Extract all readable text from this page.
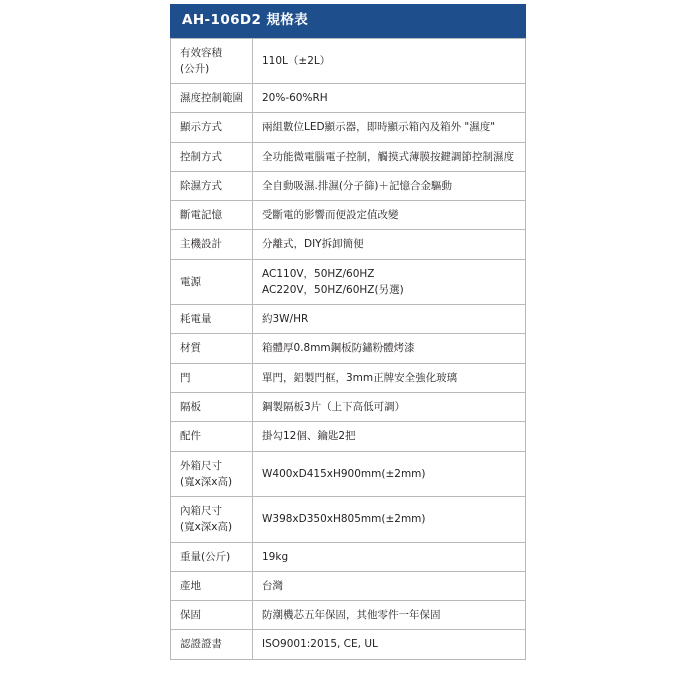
AH-106D2 規格表
有效容積
(公升)	110L（±2L）
濕度控制範圍	20%-60%RH
顯示方式	兩組數位LED顯示器，即時顯示箱內及箱外 "濕度"
控制方式	全功能微電腦電子控制，觸摸式薄膜按鍵調節控制濕度
除濕方式	全自動吸濕.排濕(分子篩)＋記憶合金驅動
斷電記憶	受斷電的影響而便設定值改變
主機設計	分離式，DIY拆卸簡便
電源	AC110V，50HZ/60HZ
AC220V，50HZ/60HZ(另選)

耗電量	約3W/HR
材質	箱體厚0.8mm鋼板防鏽粉體烤漆
門	單門，鋁製門框，3mm正牌安全強化玻璃
隔板	鋼製隔板3片（上下高低可調）
配件	掛勾12個、鑰匙2把

外箱尺寸
(寬x深x高)	W400xD415xH900mm(±2mm)

內箱尺寸
(寬x深x高)	W398xD350xH805mm(±2mm)
重量(公斤)	19kg
產地	台灣
保固	防潮機芯五年保固，其他零件一年保固
認證證書	ISO9001:2015, CE, UL
